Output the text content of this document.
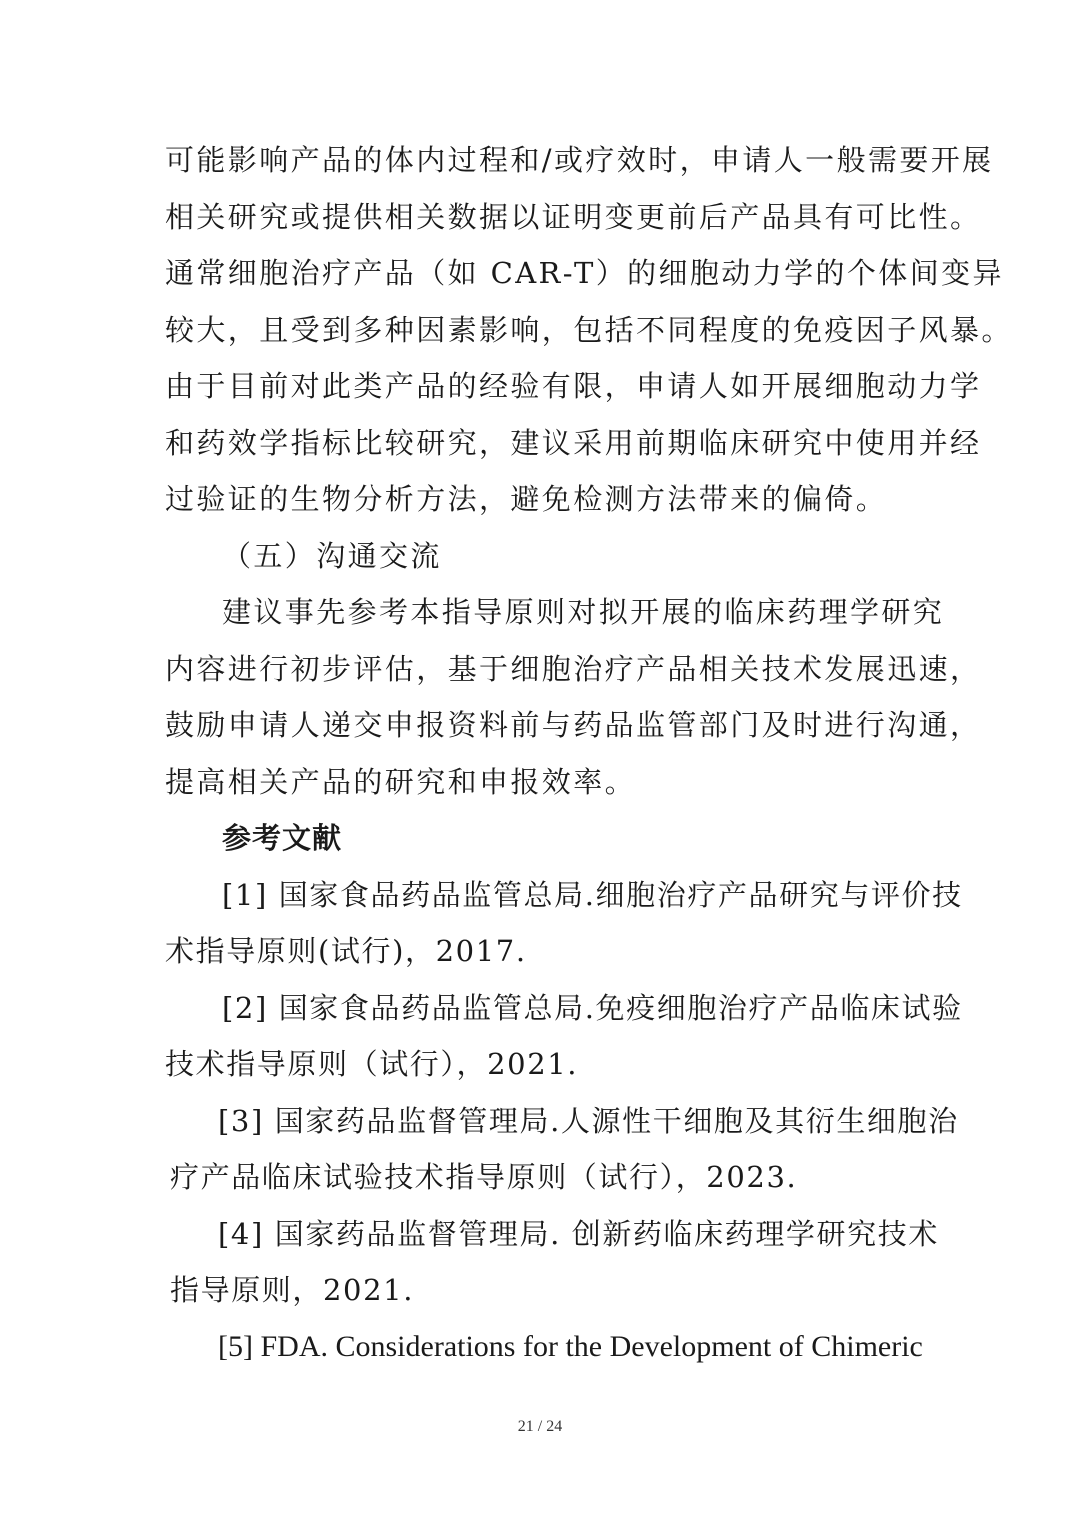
可能影响产品的体内过程和/或疗效时，申请人一般需要开展
相关研究或提供相关数据以证明变更前后产品具有可比性。
通常细胞治疗产品（如 CAR-T）的细胞动力学的个体间变异
较大，且受到多种因素影响，包括不同程度的免疫因子风暴。
由于目前对此类产品的经验有限，申请人如开展细胞动力学
和药效学指标比较研究，建议采用前期临床研究中使用并经
过验证的生物分析方法，避免检测方法带来的偏倚。
（五）沟通交流
建议事先参考本指导原则对拟开展的临床药理学研究
内容进行初步评估，基于细胞治疗产品相关技术发展迅速，
鼓励申请人递交申报资料前与药品监管部门及时进行沟通，
提高相关产品的研究和申报效率。
参考文献
[1] 国家食品药品监管总局.细胞治疗产品研究与评价技
术指导原则(试行)，2017.
[2] 国家食品药品监管总局.免疫细胞治疗产品临床试验
技术指导原则（试行），2021.
[3] 国家药品监督管理局.人源性干细胞及其衍生细胞治
疗产品临床试验技术指导原则（试行），2023.
[4] 国家药品监督管理局. 创新药临床药理学研究技术
指导原则，2021.
[5] FDA. Considerations for the Development of Chimeric
21 / 24
